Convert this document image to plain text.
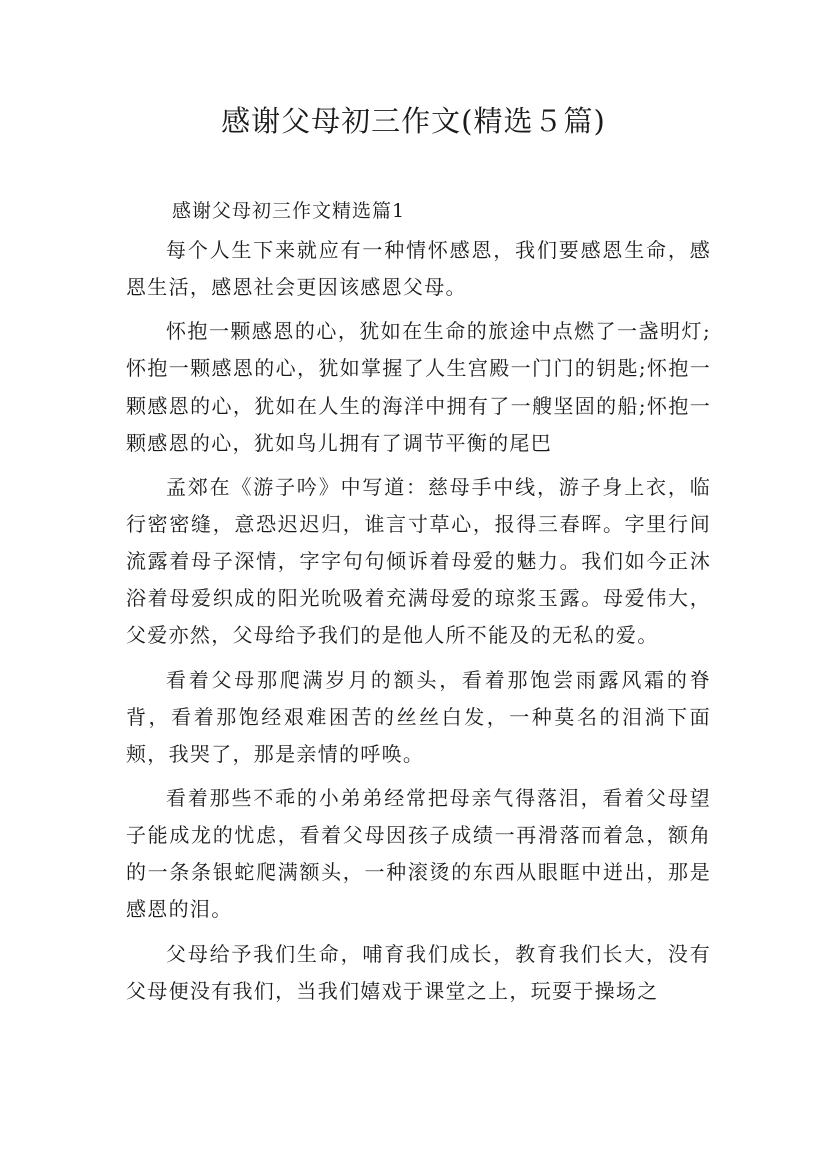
感谢父母初三作文(精选５篇)
感谢父母初三作文精选篇1

每个人生下来就应有一种情怀感恩，我们要感恩生命，感恩生活，感恩社会更因该感恩父母。

怀抱一颗感恩的心，犹如在生命的旅途中点燃了一盏明灯;怀抱一颗感恩的心，犹如掌握了人生宫殿一门门的钥匙;怀抱一颗感恩的心，犹如在人生的海洋中拥有了一艘坚固的船;怀抱一颗感恩的心，犹如鸟儿拥有了调节平衡的尾巴

孟郊在《游子吟》中写道：慈母手中线，游子身上衣，临行密密缝，意恐迟迟归，谁言寸草心，报得三春晖。字里行间流露着母子深情，字字句句倾诉着母爱的魅力。我们如今正沐浴着母爱织成的阳光吮吸着充满母爱的琼浆玉露。母爱伟大，父爱亦然，父母给予我们的是他人所不能及的无私的爱。

看着父母那爬满岁月的额头，看着那饱尝雨露风霜的脊背，看着那饱经艰难困苦的丝丝白发，一种莫名的泪淌下面颊，我哭了，那是亲情的呼唤。

看着那些不乖的小弟弟经常把母亲气得落泪，看着父母望子能成龙的忧虑，看着父母因孩子成绩一再滑落而着急，额角的一条条银蛇爬满额头，一种滚烫的东西从眼眶中迸出，那是感恩的泪。

父母给予我们生命，哺育我们成长，教育我们长大，没有父母便没有我们，当我们嬉戏于课堂之上，玩耍于操场之
